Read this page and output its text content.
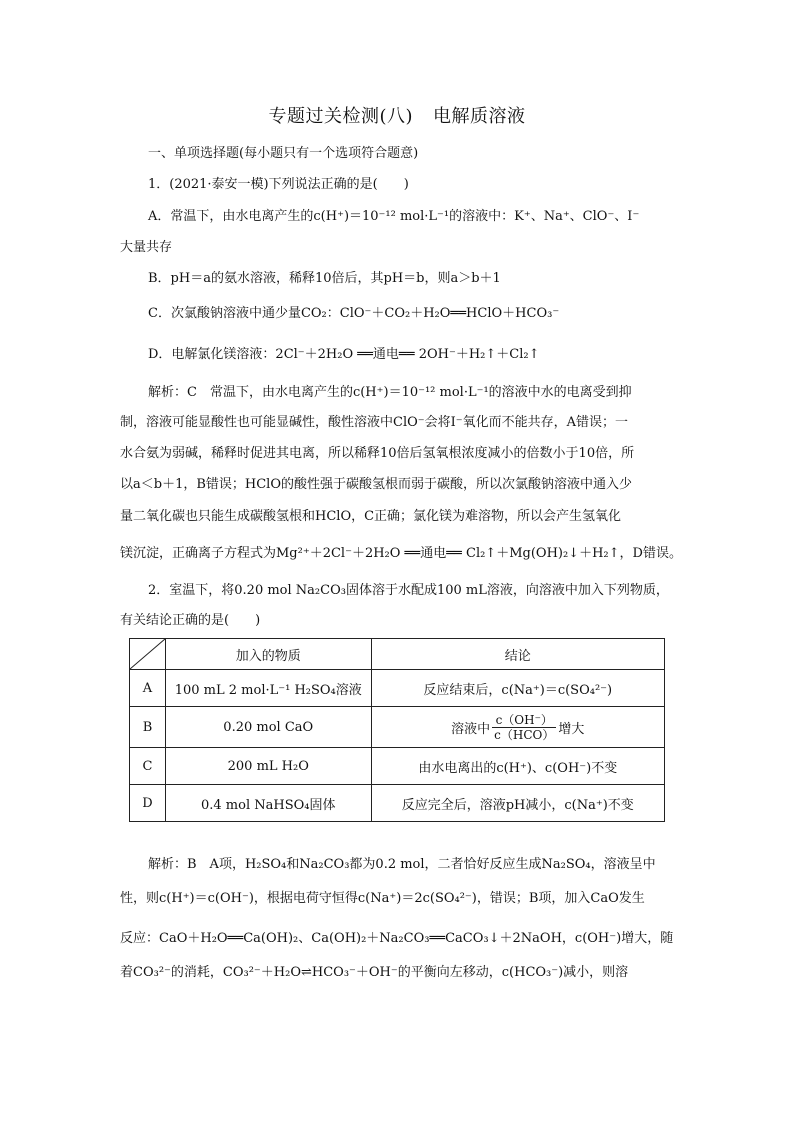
专题过关检测(八) 电解质溶液
一、单项选择题(每小题只有一个选项符合题意)
1．(2021·泰安一模)下列说法正确的是(　　)
A．常温下，由水电离产生的c(H⁺)＝10⁻¹² mol·L⁻¹的溶液中：K⁺、Na⁺、ClO⁻、I⁻
大量共存
B．pH＝a的氨水溶液，稀释10倍后，其pH＝b，则a＞b＋1
C．次氯酸钠溶液中通少量CO₂：ClO⁻＋CO₂＋H₂O══HClO＋HCO₃⁻
D．电解氯化镁溶液：2Cl⁻＋2H₂O ══通电══ 2OH⁻＋H₂↑＋Cl₂↑
解析：C　常温下，由水电离产生的c(H⁺)＝10⁻¹² mol·L⁻¹的溶液中水的电离受到抑
制，溶液可能显酸性也可能显碱性，酸性溶液中ClO⁻会将I⁻氧化而不能共存，A错误；一
水合氨为弱碱，稀释时促进其电离，所以稀释10倍后氢氧根浓度减小的倍数小于10倍，所
以a＜b＋1，B错误；HClO的酸性强于碳酸氢根而弱于碳酸，所以次氯酸钠溶液中通入少
量二氧化碳也只能生成碳酸氢根和HClO，C正确；氯化镁为难溶物，所以会产生氢氧化
镁沉淀，正确离子方程式为Mg²⁺＋2Cl⁻＋2H₂O ══通电══ Cl₂↑＋Mg(OH)₂↓＋H₂↑，D错误。
2．室温下，将0.20 mol Na₂CO₃固体溶于水配成100 mL溶液，向溶液中加入下列物质，
有关结论正确的是(　　)
	加入的物质	结论
A	100 mL 2 mol·L⁻¹ H₂SO₄溶液	反应结束后，c(Na⁺)＝c(SO₄²⁻)
B	0.20 mol CaO	溶液中 $\frac{c(OH^-)}{\text{c（HCO）}}$ 增大

C	200 mL H₂O	由水电离出的c(H⁺)、c(OH⁻)不变
D	0.4 mol NaHSO₄固体	反应完全后，溶液pH减小，c(Na⁺)不变
解析：B　A项，H₂SO₄和Na₂CO₃都为0.2 mol，二者恰好反应生成Na₂SO₄，溶液呈中
性，则c(H⁺)＝c(OH⁻)，根据电荷守恒得c(Na⁺)＝2c(SO₄²⁻)，错误；B项，加入CaO发生
反应：CaO＋H₂O══Ca(OH)₂、Ca(OH)₂＋Na₂CO₃══CaCO₃↓＋2NaOH，c(OH⁻)增大，随
着CO₃²⁻的消耗，CO₃²⁻＋H₂O⇌HCO₃⁻＋OH⁻的平衡向左移动，c(HCO₃⁻)减小，则溶
